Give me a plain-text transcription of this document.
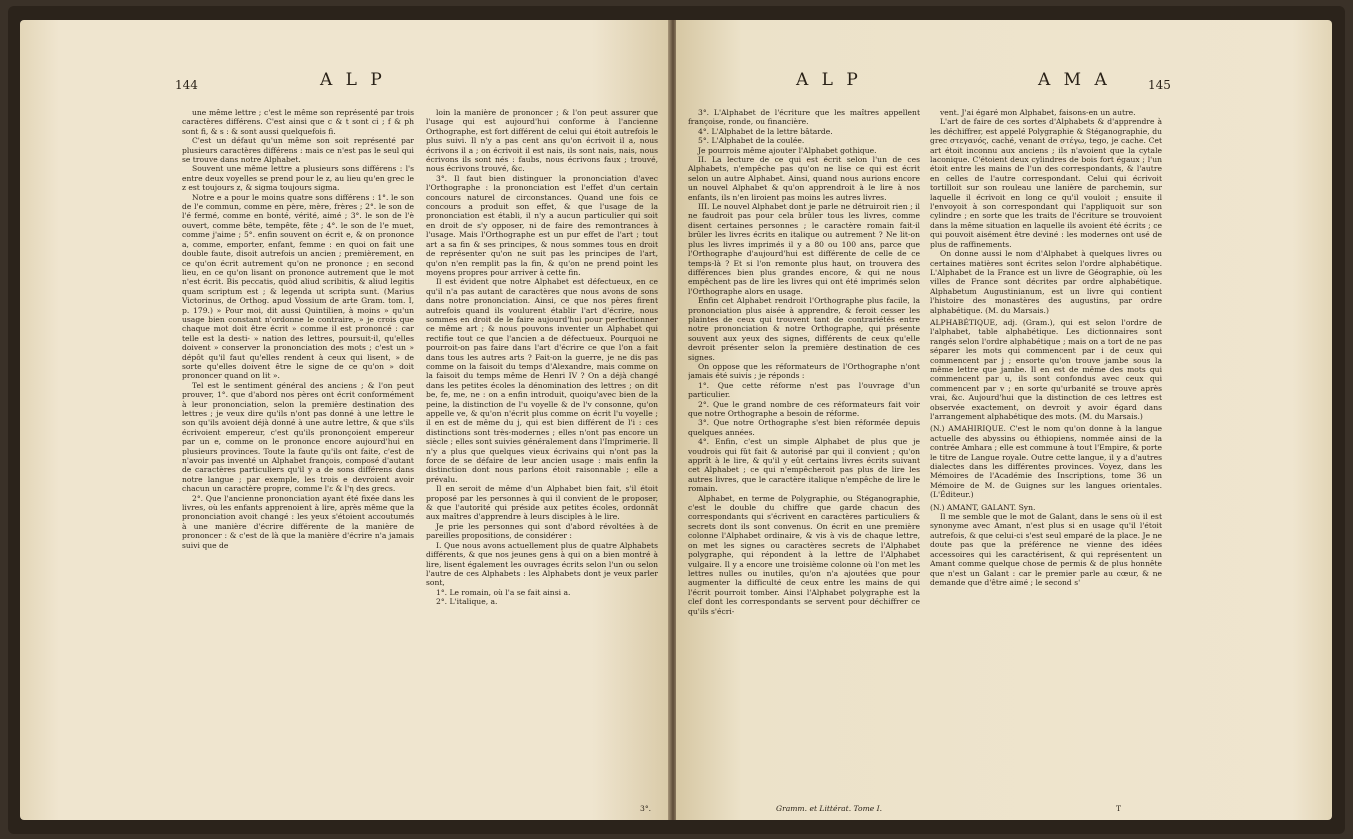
A L P
144

une même lettre ; c'est le même son représenté par trois caractères différens. C'est ainsi que c & t sont ci ; f & ph sont fi, & s : & sont aussi quelquefois fi.

C'est un défaut qu'un même son soit représenté par plusieurs caractères différens : mais ce n'est pas le seul qui se trouve dans notre Alphabet.

Souvent une même lettre a plusieurs sons différens : l's entre deux voyelles se prend pour le z, au lieu qu'en grec le z est toujours z, & sigma toujours sigma.

Notre e a pour le moins quatre sons différens : 1°. le son de l'e commun, comme en père, mère, frères ; 2°. le son de l'é fermé, comme en bonté, vérité, aimé ; 3°. le son de l'è ouvert, comme bête, tempête, fête ; 4°. le son de l'e muet, comme j'aime ; 5°. enfin souvent on écrit e, & on prononce a, comme, emporter, enfant, femme : en quoi on fait une double faute, disoit autrefois un ancien ; premièrement, en ce qu'on écrit autrement qu'on ne prononce ; en second lieu, en ce qu'on lisant on prononce autrement que le mot n'est écrit. Bis peccatis, quòd aliud scribitis, & aliud legitis quam scriptum est ; & legenda ut scripta sunt. (Marius Victorinus, de Orthog. apud Vossium de arte Gram. tom. I, p. 179.) » Pour moi, dit aussi Quintilien, à moins » qu'un usage bien constant n'ordonne le contraire, » je crois que chaque mot doit être écrit » comme il est prononcé : car telle est la desti- » nation des lettres, poursuit-il, qu'elles doivent » conserver la prononciation des mots ; c'est un » dépôt qu'il faut qu'elles rendent à ceux qui lisent, » de sorte qu'elles doivent être le signe de ce qu'on » doit prononcer quand on lit ».

Tel est le sentiment général des anciens ; & l'on peut prouver, 1°. que d'abord nos pères ont écrit conformément à leur prononciation, selon la première destination des lettres ; je veux dire qu'ils n'ont pas donné à une lettre le son qu'ils avoient déjà donné à une autre lettre, & que s'ils écrivoient empereur, c'est qu'ils prononçoient empereur par un e, comme on le prononce encore aujourd'hui en plusieurs provinces. Toute la faute qu'ils ont faite, c'est de n'avoir pas inventé un Alphabet françois, composé d'autant de caractères particuliers qu'il y a de sons différens dans notre langue ; par exemple, les trois e devroient avoir chacun un caractère propre, comme l'ε & l'η des grecs.

2°. Que l'ancienne prononciation ayant été fixée dans les livres, où les enfants apprenoient à lire, après même que la prononciation avoit changé : les yeux s'étoient accoutumés à une manière d'écrire différente de la manière de prononcer : & c'est de là que la manière d'écrire n'a jamais suivi que de

loin la manière de prononcer ; & l'on peut assurer que l'usage qui est aujourd'hui conforme à l'ancienne Orthographe, est fort différent de celui qui étoit autrefois le plus suivi. Il n'y a pas cent ans qu'on écrivoit il a, nous écrivons il a ; on écrivoit il est nais, ils sont nais, nais, nous écrivons ils sont nés : faubs, nous écrivons faux ; trouvé, nous écrivons trouvé, &c.

3°. Il faut bien distinguer la prononciation d'avec l'Orthographe : la prononciation est l'effet d'un certain concours naturel de circonstances. Quand une fois ce concours a produit son effet, & que l'usage de la prononciation est établi, il n'y a aucun particulier qui soit en droit de s'y opposer, ni de faire des remontrances à l'usage. Mais l'Orthographe est un pur effet de l'art ; tout art a sa fin & ses principes, & nous sommes tous en droit de représenter qu'on ne suit pas les principes de l'art, qu'on n'en remplit pas la fin, & qu'on ne prend point les moyens propres pour arriver à cette fin.

Il est évident que notre Alphabet est défectueux, en ce qu'il n'a pas autant de caractères que nous avons de sons dans notre prononciation. Ainsi, ce que nos pères firent autrefois quand ils voulurent établir l'art d'écrire, nous sommes en droit de le faire aujourd'hui pour perfectionner ce même art ; & nous pouvons inventer un Alphabet qui rectifie tout ce que l'ancien a de défectueux. Pourquoi ne pourroit-on pas faire dans l'art d'écrire ce que l'on a fait dans tous les autres arts ? Fait-on la guerre, je ne dis pas comme on la faisoit du temps d'Alexandre, mais comme on la faisoit du temps même de Henri IV ? On a déjà changé dans les petites écoles la dénomination des lettres ; on dit be, fe, me, ne : on a enfin introduit, quoiqu'avec bien de la peine, la distinction de l'u voyelle & de l'v consonne, qu'on appelle ve, & qu'on n'écrit plus comme on écrit l'u voyelle ; il en est de même du j, qui est bien différent de l'i : ces distinctions sont très-modernes ; elles n'ont pas encore un siècle ; elles sont suivies généralement dans l'Imprimerie. Il n'y a plus que quelques vieux écrivains qui n'ont pas la force de se défaire de leur ancien usage : mais enfin la distinction dont nous parlons étoit raisonnable ; elle a prévalu.

Il en seroit de même d'un Alphabet bien fait, s'il étoit proposé par les personnes à qui il convient de le proposer, & que l'autorité qui préside aux petites écoles, ordonnât aux maîtres d'apprendre à leurs disciples à le lire.

Je prie les personnes qui sont d'abord révoltées à de pareilles propositions, de considérer :

I. Que nous avons actuellement plus de quatre Alphabets différents, & que nos jeunes gens à qui on a bien montré à lire, lisent également les ouvrages écrits selon l'un ou selon l'autre de ces Alphabets : les Alphabets dont je veux parler sont,

1°. Le romain, où l'a se fait ainsi a.

2°. L'italique, a.

3°.
A L P	A M A	145

3°. L'Alphabet de l'écriture que les maîtres appellent françoise, ronde, ou financière.

4°. L'Alphabet de la lettre bâtarde.

5°. L'Alphabet de la coulée.

Je pourrois même ajouter l'Alphabet gothique.

II. La lecture de ce qui est écrit selon l'un de ces Alphabets, n'empêche pas qu'on ne lise ce qui est écrit selon un autre Alphabet. Ainsi, quand nous aurions encore un nouvel Alphabet & qu'on apprendroit à le lire à nos enfants, ils n'en liroient pas moins les autres livres.

III. Le nouvel Alphabet dont je parle ne détruiroit rien ; il ne faudroit pas pour cela brûler tous les livres, comme disent certaines personnes ; le caractère romain fait-il brûler les livres écrits en italique ou autrement ? Ne lit-on plus les livres imprimés il y a 80 ou 100 ans, parce que l'Orthographe d'aujourd'hui est différente de celle de ce temps-là ? Et si l'on remonte plus haut, on trouvera des différences bien plus grandes encore, & qui ne nous empêchent pas de lire les livres qui ont été imprimés selon l'Orthographe alors en usage.

Enfin cet Alphabet rendroit l'Orthographe plus facile, la prononciation plus aisée à apprendre, & feroit cesser les plaintes de ceux qui trouvent tant de contrariétés entre notre prononciation & notre Orthographe, qui présente souvent aux yeux des signes, différents de ceux qu'elle devroit présenter selon la première destination de ces signes.

On oppose que les réformateurs de l'Orthographe n'ont jamais été suivis ; je réponds :

1°. Que cette réforme n'est pas l'ouvrage d'un particulier.

2°. Que le grand nombre de ces réformateurs fait voir que notre Orthographe a besoin de réforme.

3°. Que notre Orthographe s'est bien réformée depuis quelques années.

4°. Enfin, c'est un simple Alphabet de plus que je voudrois qui fût fait & autorisé par qui il convient ; qu'on apprît à le lire, & qu'il y eût certains livres écrits suivant cet Alphabet ; ce qui n'empêcheroit pas plus de lire les autres livres, que le caractère italique n'empêche de lire le romain.

Alphabet, en terme de Polygraphie, ou Stéganographie, c'est le double du chiffre que garde chacun des correspondants qui s'écrivent en caractères particuliers & secrets dont ils sont convenus. On écrit en une première colonne l'Alphabet ordinaire, & vis à vis de chaque lettre, on met les signes ou caractères secrets de l'Alphabet polygraphe, qui répondent à la lettre de l'Alphabet vulgaire. Il y a encore une troisième colonne où l'on met les lettres nulles ou inutiles, qu'on n'a ajoutées que pour augmenter la difficulté de ceux entre les mains de qui l'écrit pourroit tomber. Ainsi l'Alphabet polygraphe est la clef dont les correspondants se servent pour déchiffrer ce qu'ils s'écri-

vent. J'ai égaré mon Alphabet, faisons-en un autre.

L'art de faire de ces sortes d'Alphabets & d'apprendre à les déchiffrer, est appelé Polygraphie & Stéganographie, du grec στεγανός, caché, venant de στέγω, tego, je cache. Cet art étoit inconnu aux anciens ; ils n'avoient que la cytale laconique. C'étoient deux cylindres de bois fort égaux ; l'un étoit entre les mains de l'un des correspondants, & l'autre en celles de l'autre correspondant. Celui qui écrivoit tortilloit sur son rouleau une lanière de parchemin, sur laquelle il écrivoit en long ce qu'il vouloit ; ensuite il l'envoyoit à son correspondant qui l'appliquoit sur son cylindre ; en sorte que les traits de l'écriture se trouvoient dans la même situation en laquelle ils avoient été écrits ; ce qui pouvoit aisément être deviné : les modernes ont usé de plus de raffinements.

On donne aussi le nom d'Alphabet à quelques livres ou certaines matières sont écrites selon l'ordre alphabétique. L'Alphabet de la France est un livre de Géographie, où les villes de France sont décrites par ordre alphabétique. Alphabetum Augustinianum, est un livre qui contient l'histoire des monastères des augustins, par ordre alphabétique. (M. du Marsais.)

ALPHABÉTIQUE, adj. (Gram.), qui est selon l'ordre de l'alphabet, table alphabétique. Les dictionnaires sont rangés selon l'ordre alphabétique ; mais on a tort de ne pas séparer les mots qui commencent par i de ceux qui commencent par j ; ensorte qu'on trouve jambe sous la même lettre que jambe. Il en est de même des mots qui commencent par u, ils sont confondus avec ceux qui commencent par v ; en sorte qu'urbanité se trouve après vrai, &c. Aujourd'hui que la distinction de ces lettres est observée exactement, on devroit y avoir égard dans l'arrangement alphabétique des mots. (M. du Marsais.)

(N.) AMAHIRIQUE. C'est le nom qu'on donne à la langue actuelle des abyssins ou éthiopiens, nommée ainsi de la contrée Amhara ; elle est commune à tout l'Empire, & porte le titre de Langue royale. Outre cette langue, il y a d'autres dialectes dans les différentes provinces. Voyez, dans les Mémoires de l'Académie des Inscriptions, tome 36 un Mémoire de M. de Guignes sur les langues orientales. (L'Éditeur.)

(N.) AMANT, GALANT. Syn.

Il me semble que le mot de Galant, dans le sens où il est synonyme avec Amant, n'est plus si en usage qu'il l'étoit autrefois, & que celui-ci s'est seul emparé de la place. Je ne doute pas que la préférence ne vienne des idées accessoires qui les caractérisent, & qui représentent un Amant comme quelque chose de permis & de plus honnête que n'est un Galant : car le premier parle au cœur, & ne demande que d'être aimé ; le second s'

Gramm. et Littérat. Tome I.	T
